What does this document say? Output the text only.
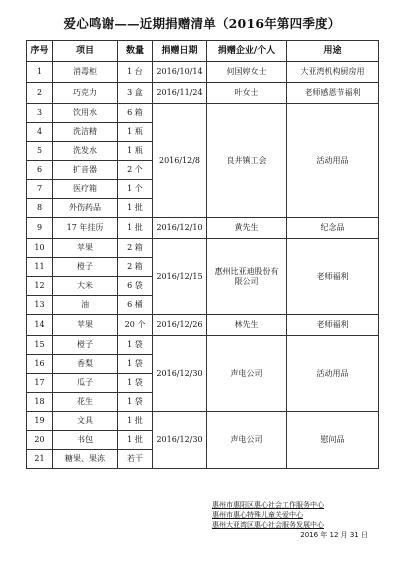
爱心鸣谢——近期捐赠清单（2016年第四季度）
序号	项目	数量	捐赠日期	捐赠企业/个人	用途
1	消毒柜	1 台	2016/10/14	何国婷女士	大亚湾机构厨房用
2	巧克力	3 盒	2016/11/24	叶女士	老师感恩节福利
3	饮用水	6 箱	2016/12/8	良井镇工会	活动用品
4	洗洁精	1 瓶			
5	洗发水	1 瓶			
6	扩音器	2 个			
7	医疗箱	1 个			
8	外伤药品	1 批			
9	17 年挂历	1 批	2016/12/10	黄先生	纪念品
10	苹果	2 箱	2016/12/15	惠州比亚迪股份有限公司	老师福利
11	橙子	2 箱			
12	大米	6 袋			
13	油	6 桶			
14	苹果	20 个	2016/12/26	林先生	老师福利
15	橙子	1 袋	2016/12/30	声电公司	活动用品
16	香梨	1 袋			
17	瓜子	1 袋			
18	花生	1 袋			
19	文具	1 批	2016/12/30	声电公司	慰问品
20	书包	1 批			
21	糖果、果冻	若干			
惠州市惠阳区惠心社会工作服务中心
惠州市惠心特殊儿童关爱中心
惠州大亚湾区惠心社会服务发展中心
2016 年 12 月 31 日
